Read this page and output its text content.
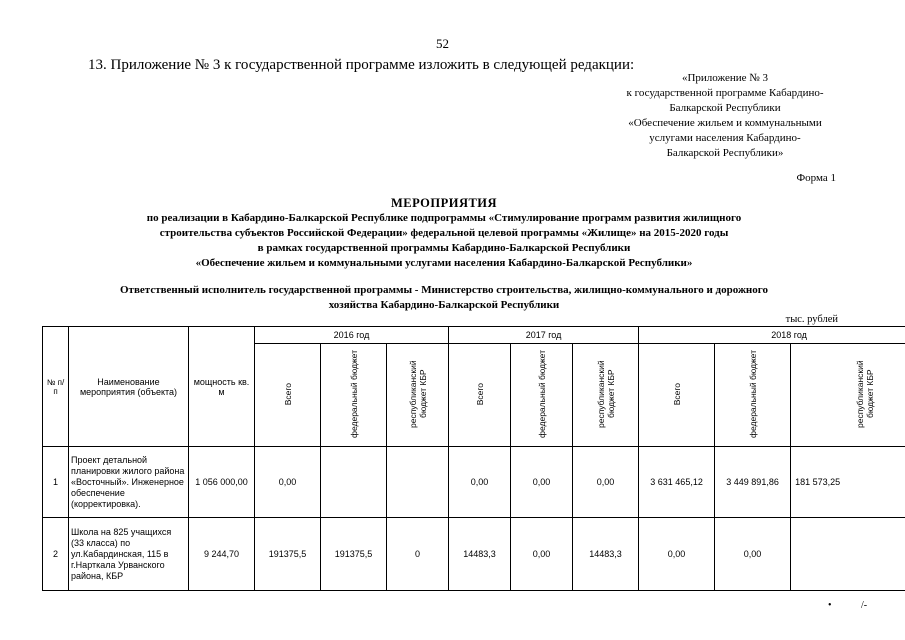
52
13. Приложение № 3 к государственной программе изложить в следующей редакции:
«Приложение № 3
к государственной программе Кабардино-
Балкарской Республики
«Обеспечение жильем и коммунальными
услугами населения Кабардино-
Балкарской Республики»
Форма 1
МЕРОПРИЯТИЯ
по реализации в Кабардино-Балкарской Республике подпрограммы «Стимулирование программ развития жилищного
строительства субъектов Российской Федерации» федеральной целевой программы «Жилище» на 2015-2020 годы
в рамках государственной программы Кабардино-Балкарской Республики
«Обеспечение жильем и коммунальными услугами населения Кабардино-Балкарской Республики»
Ответственный исполнитель государственной программы - Министерство строительства, жилищно-коммунального и дорожного
хозяйства Кабардино-Балкарской Республики
тыс. рублей
№ п/п	Наименование мероприятия (объекта)	мощность кв. м	2016 год			2017 год			2018 год		
			Всего	федеральный бюджет	республиканский бюджет КБР	Всего	федеральный бюджет	республиканский бюджет КБР	Всего	федеральный бюджет	республиканский бюджет КБР
1	Проект детальной планировки жилого района «Восточный». Инженерное обеспечение (корректировка).	1 056 000,00	0,00			0,00	0,00	0,00	3 631 465,12	3 449 891,86	181 573,25
2	Школа на 825 учащихся (33 класса) по ул.Кабардинская, 115 в г.Нарткала Урванского района, КБР	9 244,70	191375,5	191375,5	0	14483,3	0,00	14483,3	0,00	0,00	
•	/-
